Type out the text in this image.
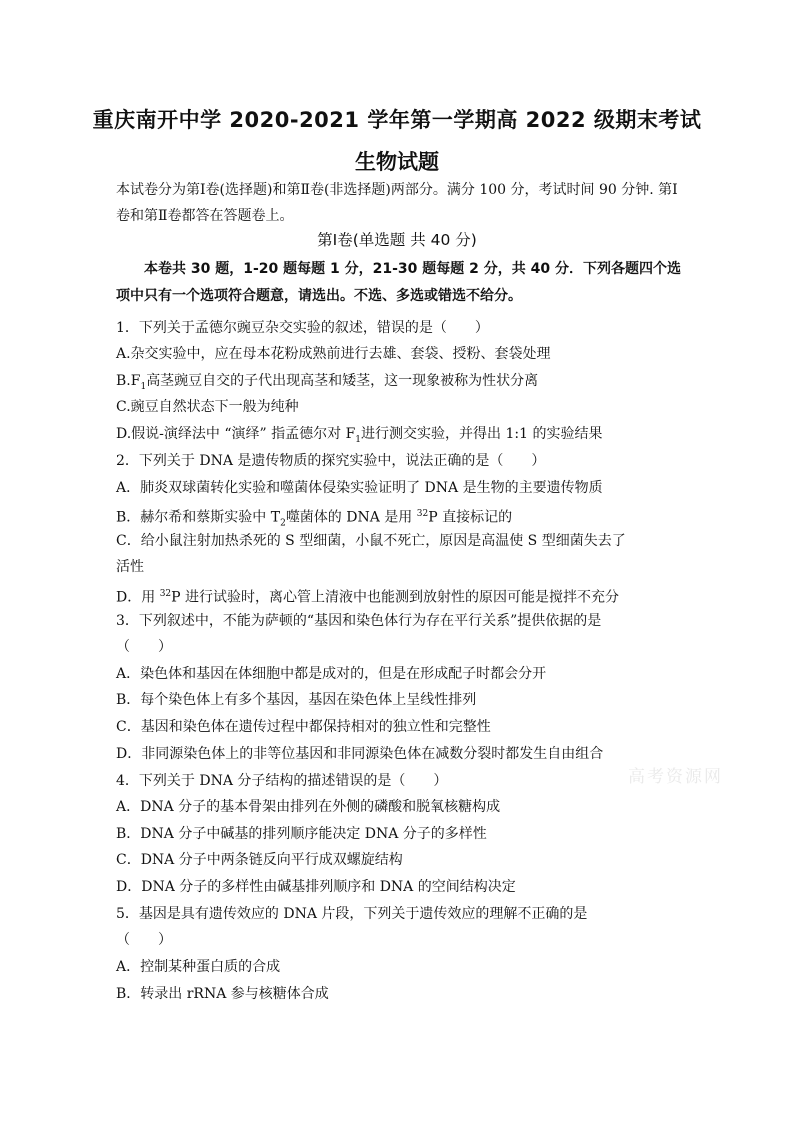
重庆南开中学 2020-2021 学年第一学期高 2022 级期末考试
生物试题
本试卷分为第Ⅰ卷(选择题)和第Ⅱ卷(非选择题)两部分。满分 100 分，考试时间 90 分钟. 第Ⅰ卷和第Ⅱ卷都答在答题卷上。
第Ⅰ卷(单选题 共 40 分)
本卷共 30 题，1-20 题每题 1 分，21-30 题每题 2 分，共 40 分．下列各题四个选项中只有一个选项符合题意，请选出。不选、多选或错选不给分。
1．下列关于孟德尔豌豆杂交实验的叙述，错误的是（　　）
A.杂交实验中，应在母本花粉成熟前进行去雄、套袋、授粉、套袋处理
$B.F_1$高茎豌豆自交的子代出现高茎和矮茎，这一现象被称为性状分离
C.豌豆自然状态下一般为纯种
D.假说-演绎法中 “演绎” 指孟德尔对 $F_1$进行测交实验，并得出 1:1 的实验结果
2．下列关于 DNA 是遗传物质的探究实验中，说法正确的是（　　）
A．肺炎双球菌转化实验和噬菌体侵染实验证明了 DNA 是生物的主要遗传物质
B．赫尔希和蔡斯实验中 $T_2$噬菌体的 DNA 是用 $^{32}$P 直接标记的
C．给小鼠注射加热杀死的 S 型细菌，小鼠不死亡，原因是高温使 S 型细菌失去了
活性
D．用 $^{32}$P 进行试验时，离心管上清液中也能测到放射性的原因可能是搅拌不充分
3．下列叙述中，不能为萨顿的“基因和染色体行为存在平行关系”提供依据的是
（　　）
A．染色体和基因在体细胞中都是成对的，但是在形成配子时都会分开
B．每个染色体上有多个基因，基因在染色体上呈线性排列
C．基因和染色体在遗传过程中都保持相对的独立性和完整性
D．非同源染色体上的非等位基因和非同源染色体在减数分裂时都发生自由组合
4．下列关于 DNA 分子结构的描述错误的是（　　）
A．DNA 分子的基本骨架由排列在外侧的磷酸和脱氧核糖构成
B．DNA 分子中碱基的排列顺序能决定 DNA 分子的多样性
C．DNA 分子中两条链反向平行成双螺旋结构
D．DNA 分子的多样性由碱基排列顺序和 DNA 的空间结构决定
5．基因是具有遗传效应的 DNA 片段，下列关于遗传效应的理解不正确的是
（　　）
A．控制某种蛋白质的合成
B．转录出 rRNA 参与核糖体合成
高考资源网
